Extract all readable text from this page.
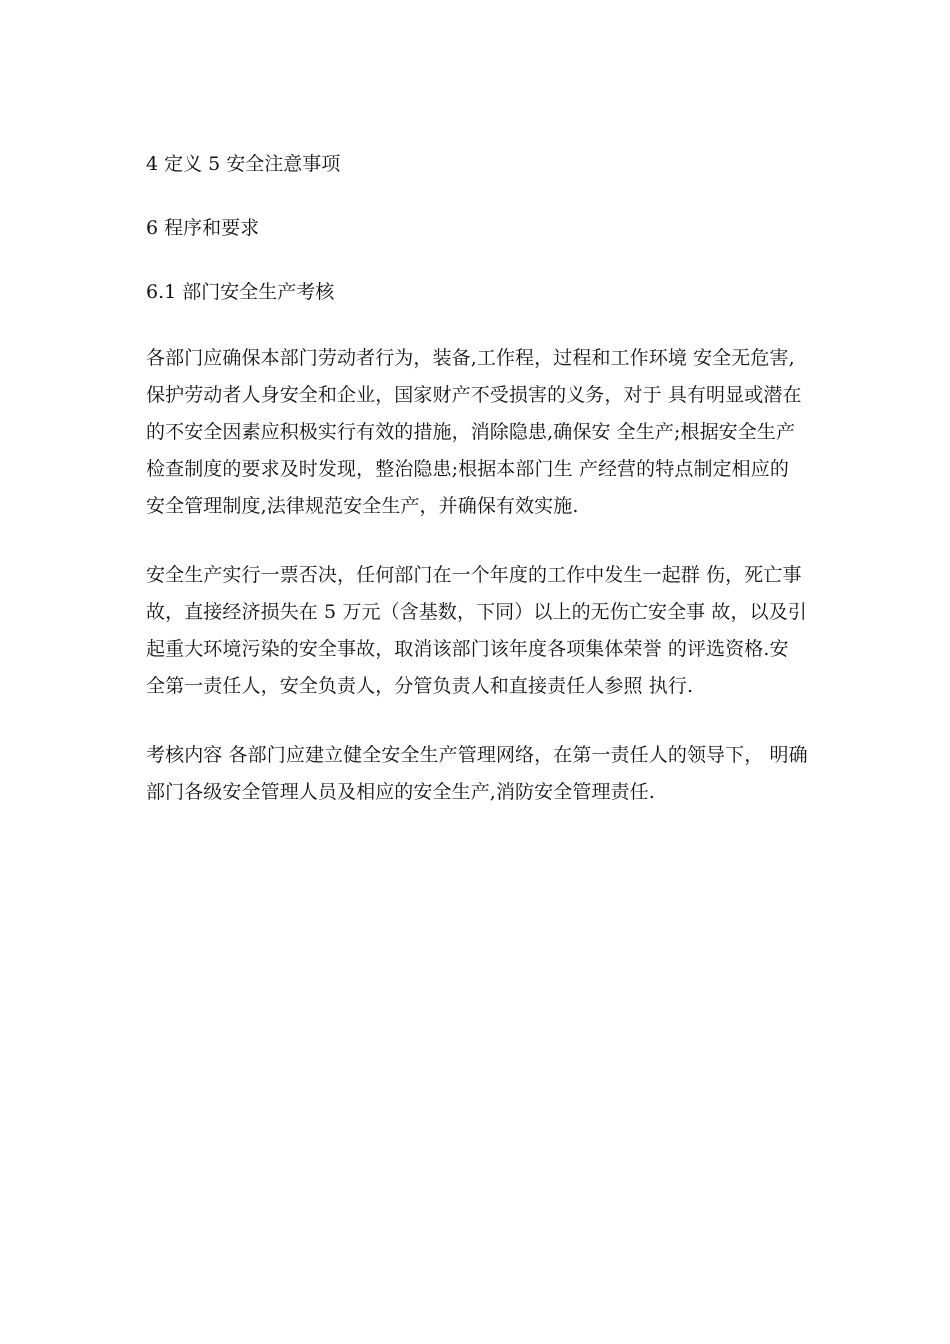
4 定义 5 安全注意事项
6 程序和要求
6.1 部门安全生产考核
各部门应确保本部门劳动者行为，装备,工作程，过程和工作环境 安全无危害,
保护劳动者人身安全和企业，国家财产不受损害的义务，对于 具有明显或潜在
的不安全因素应积极实行有效的措施，消除隐患,确保安 全生产;根据安全生产
检查制度的要求及时发现，整治隐患;根据本部门生 产经营的特点制定相应的
安全管理制度,法律规范安全生产，并确保有效实施.
安全生产实行一票否决，任何部门在一个年度的工作中发生一起群 伤，死亡事
故，直接经济损失在 5 万元（含基数，下同）以上的无伤亡安全事 故，以及引
起重大环境污染的安全事故，取消该部门该年度各项集体荣誉 的评选资格.安
全第一责任人，安全负责人，分管负责人和直接责任人参照 执行.
考核内容 各部门应建立健全安全生产管理网络，在第一责任人的领导下， 明确
部门各级安全管理人员及相应的安全生产,消防安全管理责任.
